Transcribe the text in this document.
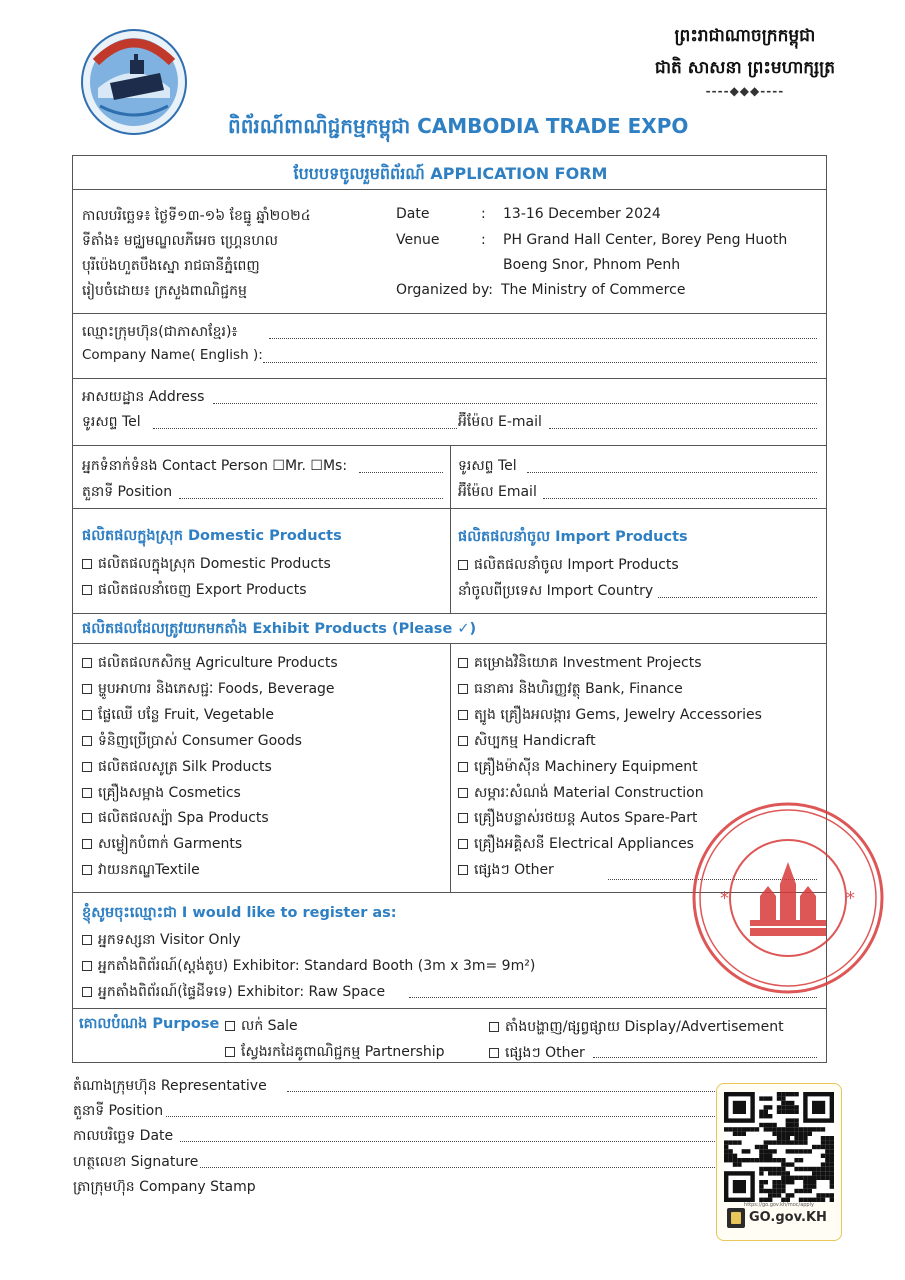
ព្រះរាជាណាចក្រកម្ពុជា
ជាតិ សាសនា ព្រះមហាក្សត្រ
----◆◆◆----
ពិព័រណ៍ពាណិជ្ជកម្មកម្ពុជា CAMBODIA TRADE EXPO
បែបបទចូលរួមពិព័រណ៍ APPLICATION FORM
កាលបរិច្ឆេទ៖ ថ្ងៃទី១៣-១៦ ខែធ្នូ ឆ្នាំ២០២៤
ទីតាំង៖ មជ្ឈមណ្ឌលភីអេច ហ្គ្រេនហល
បុរីប៉េងហួតបឹងស្នោ រាជធានីភ្នំពេញ
រៀបចំដោយ៖ ក្រសួងពាណិជ្ជកម្ម
Date	: 13-16 December 2024
Venue	: PH Grand Hall Center, Borey Peng Huoth
Boeng Snor, Phnom Penh
Organized by: The Ministry of Commerce
ឈ្មោះក្រុមហ៊ុន(ជាភាសាខ្មែរ)៖
Company Name( English ):
អាសយដ្ឋាន Address
ទូរសព្ទ Tel	អ៊ីម៉ែល E-mail
អ្នកទំនាក់ទំនង Contact Person ☐Mr. ☐Ms:
តួនាទី Position
ទូរសព្ទ Tel
អ៊ីម៉ែល Email
ផលិតផលក្នុងស្រុក Domestic Products
ផលិតផលក្នុងស្រុក Domestic Products
ផលិតផលនាំចេញ Export Products
ផលិតផលនាំចូល Import Products
ផលិតផលនាំចូល Import Products
នាំចូលពីប្រទេស Import Country
ផលិតផលដែលត្រូវយកមកតាំង Exhibit Products (Please ✓)
ផលិតផលកសិកម្ម Agriculture Products
ម្ហូបអាហារ និងភេសជ្ជៈ Foods, Beverage
ផ្លែឈើ បន្លែ Fruit, Vegetable
ទំនិញប្រើប្រាស់ Consumer Goods
ផលិតផលសូត្រ Silk Products
គ្រឿងសម្អាង Cosmetics
ផលិតផលស្ប៉ា Spa Products
សម្លៀកបំពាក់ Garments
វាយនភណ្ឌTextile
គម្រោងវិនិយោគ Investment Projects
ធនាគារ និងហិរញ្ញវត្ថុ Bank, Finance
ត្បូង គ្រឿងអលង្ការ Gems, Jewelry Accessories
សិប្បកម្ម Handicraft
គ្រឿងម៉ាស៊ីន Machinery Equipment
សម្ភារៈសំណង់ Material Construction
គ្រឿងបន្លាស់រថយន្ត Autos Spare-Part
គ្រឿងអគ្គិសនី Electrical Appliances
ផ្សេងៗ Other
ខ្ញុំសូមចុះឈ្មោះជា I would like to register as:
អ្នកទស្សនា Visitor Only
អ្នកតាំងពិព័រណ៍(ស្តង់តូប) Exhibitor: Standard Booth (3m x 3m= 9m²)
អ្នកតាំងពិព័រណ៍(ផ្ទៃដីទទេ) Exhibitor: Raw Space
គោលបំណង Purpose	លក់ Sale	តាំងបង្ហាញ/ផ្សព្វផ្សាយ Display/Advertisement
ស្វែងរកដៃគូពាណិជ្ជកម្ម Partnership	ផ្សេងៗ Other
តំណាងក្រុមហ៊ុន Representative
តួនាទី Position
កាលបរិច្ឆេទ Date
ហត្ថលេខា Signature
ត្រាក្រុមហ៊ុន Company Stamp
*	*
https://go.gov.kh/moc/apply
GO.gov.KH
